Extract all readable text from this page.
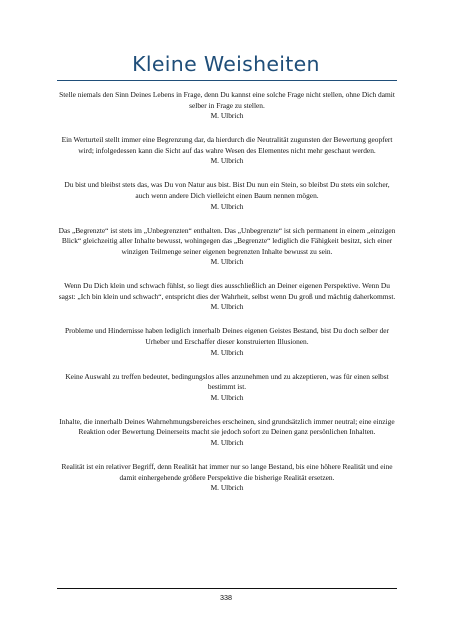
Kleine Weisheiten
Stelle niemals den Sinn Deines Lebens in Frage, denn Du kannst eine solche Frage nicht stellen, ohne Dich damit selber in Frage zu stellen.
M. Ulbrich
Ein Werturteil stellt immer eine Begrenzung dar, da hierdurch die Neutralität zugunsten der Bewertung geopfert wird; infolgedessen kann die Sicht auf das wahre Wesen des Elementes nicht mehr geschaut werden.
M. Ulbrich
Du bist und bleibst stets das, was Du von Natur aus bist. Bist Du nun ein Stein, so bleibst Du stets ein solcher, auch wenn andere Dich vielleicht einen Baum nennen mögen.
M. Ulbrich
Das „Begrenzte“ ist stets im „Unbegrenzten“ enthalten. Das „Unbegrenzte“ ist sich permanent in einem „einzigen Blick“ gleichzeitig aller Inhalte bewusst, wohingegen das „Begrenzte“ lediglich die Fähigkeit besitzt, sich einer winzigen Teilmenge seiner eigenen begrenzten Inhalte bewusst zu sein.
M. Ulbrich
Wenn Du Dich klein und schwach fühlst, so liegt dies ausschließlich an Deiner eigenen Perspektive. Wenn Du sagst: „Ich bin klein und schwach“, entspricht dies der Wahrheit, selbst wenn Du groß und mächtig daherkommst.
M. Ulbrich
Probleme und Hindernisse haben lediglich innerhalb Deines eigenen Geistes Bestand, bist Du doch selber der Urheber und Erschaffer dieser konstruierten Illusionen.
M. Ulbrich
Keine Auswahl zu treffen bedeutet, bedingungslos alles anzunehmen und zu akzeptieren, was für einen selbst bestimmt ist.
M. Ulbrich
Inhalte, die innerhalb Deines Wahrnehmungsbereiches erscheinen, sind grundsätzlich immer neutral; eine einzige Reaktion oder Bewertung Deinerseits macht sie jedoch sofort zu Deinen ganz persönlichen Inhalten.
M. Ulbrich
Realität ist ein relativer Begriff, denn Realität hat immer nur so lange Bestand, bis eine höhere Realität und eine damit einhergehende größere Perspektive die bisherige Realität ersetzen.
M. Ulbrich
338
